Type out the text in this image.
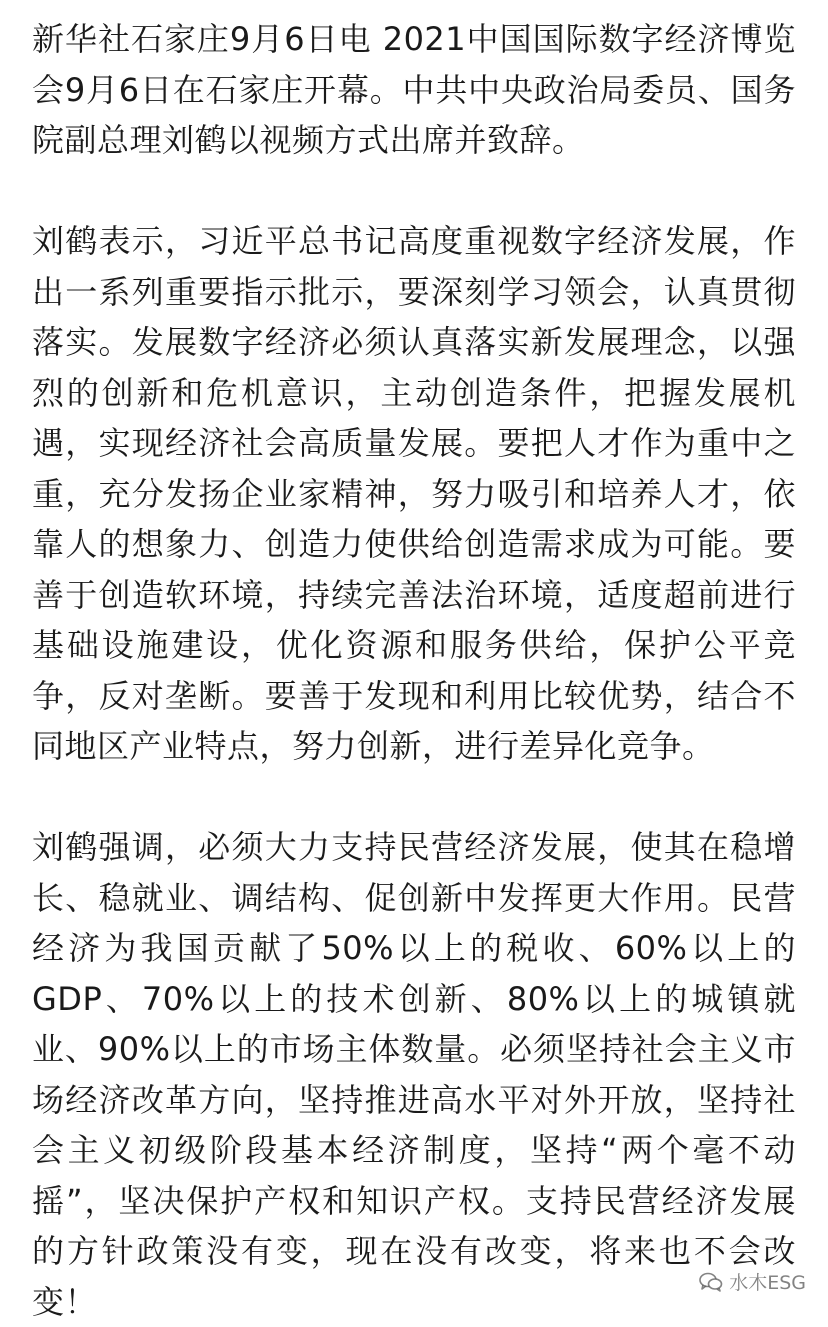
新华社石家庄9月6日电 2021中国国际数字经济博览会9月6日在石家庄开幕。中共中央政治局委员、国务院副总理刘鹤以视频方式出席并致辞。

刘鹤表示，习近平总书记高度重视数字经济发展，作出一系列重要指示批示，要深刻学习领会，认真贯彻落实。发展数字经济必须认真落实新发展理念，以强烈的创新和危机意识，主动创造条件，把握发展机遇，实现经济社会高质量发展。要把人才作为重中之重，充分发扬企业家精神，努力吸引和培养人才，依靠人的想象力、创造力使供给创造需求成为可能。要善于创造软环境，持续完善法治环境，适度超前进行基础设施建设，优化资源和服务供给，保护公平竞争，反对垄断。要善于发现和利用比较优势，结合不同地区产业特点，努力创新，进行差异化竞争。

刘鹤强调，必须大力支持民营经济发展，使其在稳增长、稳就业、调结构、促创新中发挥更大作用。民营经济为我国贡献了50%以上的税收、60%以上的GDP、70%以上的技术创新、80%以上的城镇就业、90%以上的市场主体数量。必须坚持社会主义市场经济改革方向，坚持推进高水平对外开放，坚持社会主义初级阶段基本经济制度，坚持“两个毫不动摇”，坚决保护产权和知识产权。支持民营经济发展的方针政策没有变，现在没有改变，将来也不会改变！	水木ESG
